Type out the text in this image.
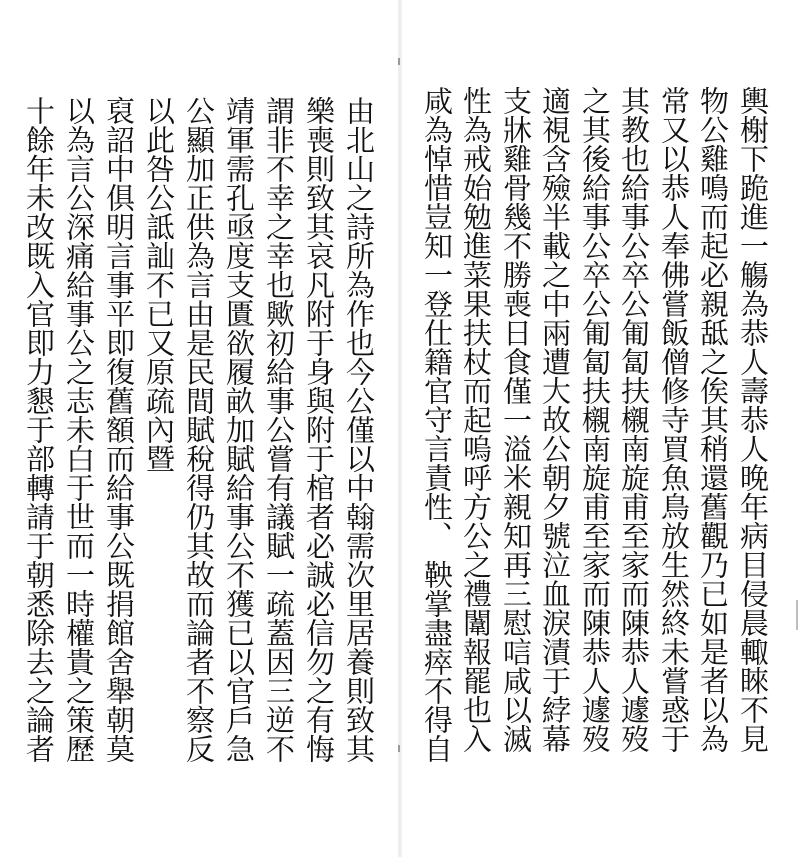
輿榭下跪進一觴為恭人壽恭人晚年病目侵晨輙睞不見
物公雞鳴而起必親䑛之俟其稍還舊觀乃已如是者以為
常又以恭人奉佛嘗飯僧修寺買魚鳥放生然終未嘗惑于
其教也給事公卒公匍匐扶櫬南旋甫至家而陳恭人遽歿
之其後給事公卒公匍匐扶櫬南旋甫至家而陳恭人遽歿
適視含殮半載之中兩遭大故公朝夕號泣血淚漬于綍幕
支牀雞骨幾不勝喪日食僅一溢米親知再三慰唁咸以滅
性為戒始勉進菜果扶杖而起嗚呼方公之禮闈報罷也入
咸為悼惜豈知一登仕籍官守言責性、
鞅掌盡瘁不得自
由北山之詩所為作也今公僅以中翰需次里居養則致其
樂喪則致其哀凡附于身與附于棺者必誠必信勿之有悔
謂非不幸之幸也歟初給事公嘗有議賦一疏蓋因三逆不
靖軍需孔亟度支匱欲履畝加賦給事公不獲已以官戶急
公顯加正供為言由是民間賦稅得仍其故而論者不察反
以此咎公詆訕不已又原疏內暨
裒詔中俱明言事平即復舊額而給事公既捐館舍舉朝莫
以為言公深痛給事公之志未白于世而一時權貴之策歷
十餘年未改既入官即力懇于部轉請于朝悉除去之論者
